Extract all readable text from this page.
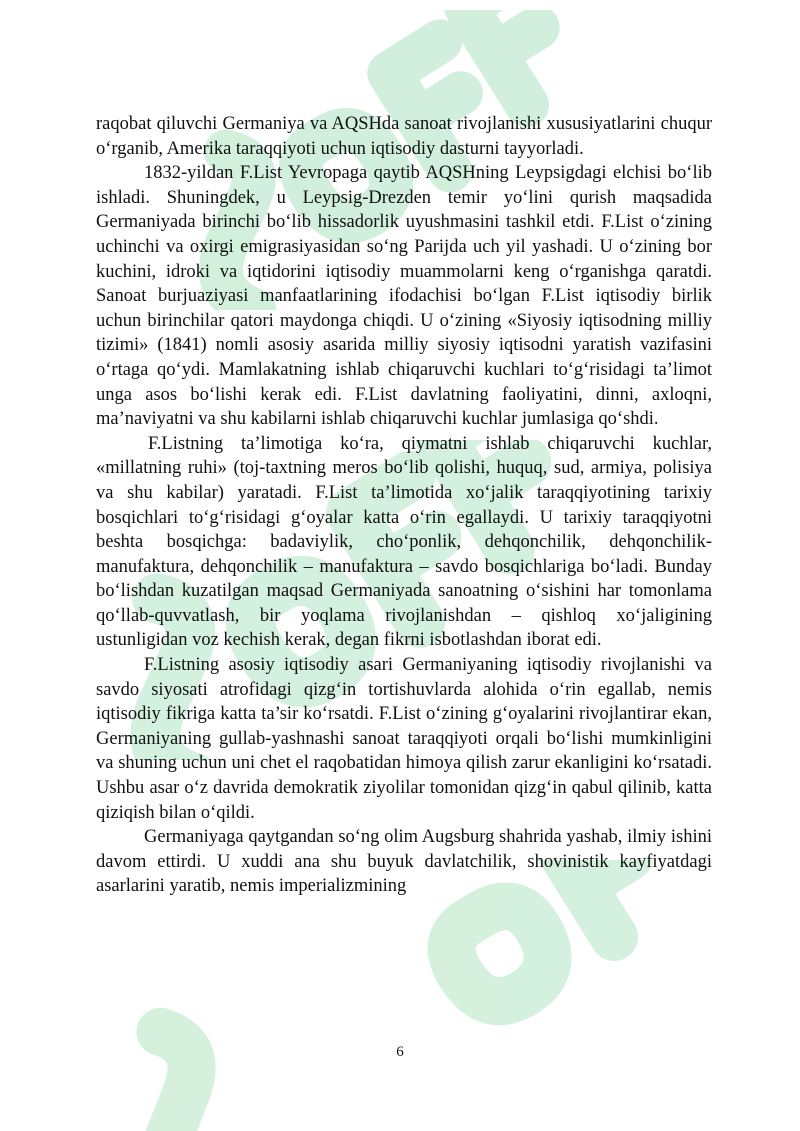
raqobat qiluvchi Germaniya va AQSHda sanoat rivojlanishi xususiyatlarini chuqur o‘rganib, Amerika taraqqiyoti uchun iqtisodiy dasturni tayyorladi.

1832-yildan F.List Yevropaga qaytib AQSHning Leypsigdagi elchisi bo‘lib ishladi. Shuningdek, u Leypsig-Drezden temir yo‘lini qurish maqsadida Germaniyada birinchi bo‘lib hissadorlik uyushmasini tashkil etdi. F.List o‘zining uchinchi va oxirgi emigrasiyasidan so‘ng Parijda uch yil yashadi. U o‘zining bor kuchini, idroki va iqtidorini iqtisodiy muammolarni keng o‘rganishga qaratdi. Sanoat burjuaziyasi manfaatlarining ifodachisi bo‘lgan F.List iqtisodiy birlik uchun birinchilar qatori maydonga chiqdi. U o‘zining «Siyosiy iqtisodning milliy tizimi» (1841) nomli asosiy asarida milliy siyosiy iqtisodni yaratish vazifasini o‘rtaga qo‘ydi. Mamlakatning ishlab chiqaruvchi kuchlari to‘g‘risidagi ta’limot unga asos bo‘lishi kerak edi. F.List davlatning faoliyatini, dinni, axloqni, ma’naviyatni va shu kabilarni ishlab chiqaruvchi kuchlar jumlasiga qo‘shdi.

F.Listning ta’limotiga ko‘ra, qiymatni ishlab chiqaruvchi kuchlar, «millatning ruhi» (toj-taxtning meros bo‘lib qolishi, huquq, sud, armiya, polisiya va shu kabilar) yaratadi. F.List ta’limotida xo‘jalik taraqqiyotining tarixiy bosqichlari to‘g‘risidagi g‘oyalar katta o‘rin egallaydi. U tarixiy taraqqiyotni beshta bosqichga: badaviylik, cho‘ponlik, dehqonchilik, dehqonchilik-manufaktura, dehqonchilik – manufaktura – savdo bosqichlariga bo‘ladi. Bunday bo‘lishdan kuzatilgan maqsad Germaniyada sanoatning o‘sishini har tomonlama qo‘llab-quvvatlash, bir yoqlama rivojlanishdan – qishloq xo‘jaligining ustunligidan voz kechish kerak, degan fikrni isbotlashdan iborat edi.

F.Listning asosiy iqtisodiy asari Germaniyaning iqtisodiy rivojlanishi va savdo siyosati atrofidagi qizg‘in tortishuvlarda alohida o‘rin egallab, nemis iqtisodiy fikriga katta ta’sir ko‘rsatdi. F.List o‘zining g‘oyalarini rivojlantirar ekan, Germaniyaning gullab-yashnashi sanoat taraqqiyoti orqali bo‘lishi mumkinligini va shuning uchun uni chet el raqobatidan himoya qilish zarur ekanligini ko‘rsatadi. Ushbu asar o‘z davrida demokratik ziyolilar tomonidan qizg‘in qabul qilinib, katta qiziqish bilan o‘qildi.

Germaniyaga qaytgandan so‘ng olim Augsburg shahrida yashab, ilmiy ishini davom ettirdi. U xuddi ana shu buyuk davlatchilik, shovinistik kayfiyatdagi asarlarini yaratib, nemis imperializmining

6
